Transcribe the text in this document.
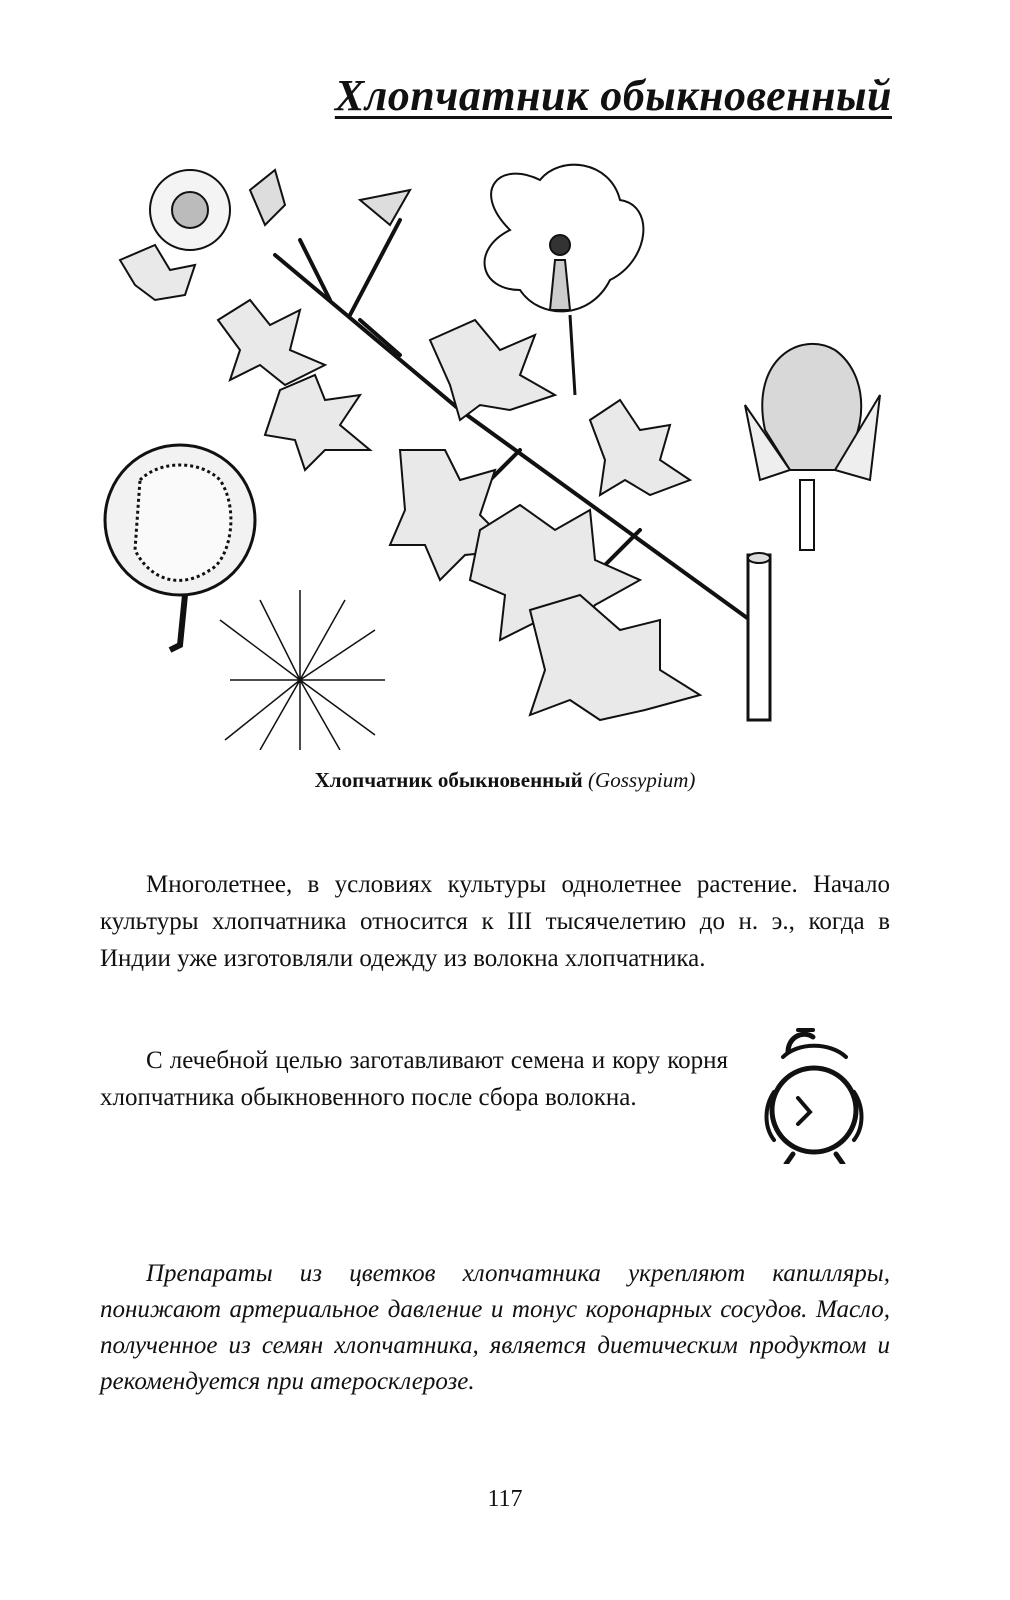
Хлопчатник обыкновенный
Хлопчатник обыкновенный (Gossypium)

Многолетнее, в условиях культуры однолетнее растение. Начало культуры хлопчатника относится к III тысячелетию до н. э., когда в Индии уже изготовляли одежду из волокна хлопчатника.

С лечебной целью заготавливают семена и кору корня хлопчатника обыкновенного после сбора волокна.

Препараты из цветков хлопчатника укрепляют капилляры, понижают артериальное давление и тонус коронарных сосудов. Масло, полученное из семян хлопчатника, является диетическим продуктом и рекомендуется при атеросклерозе.

117
